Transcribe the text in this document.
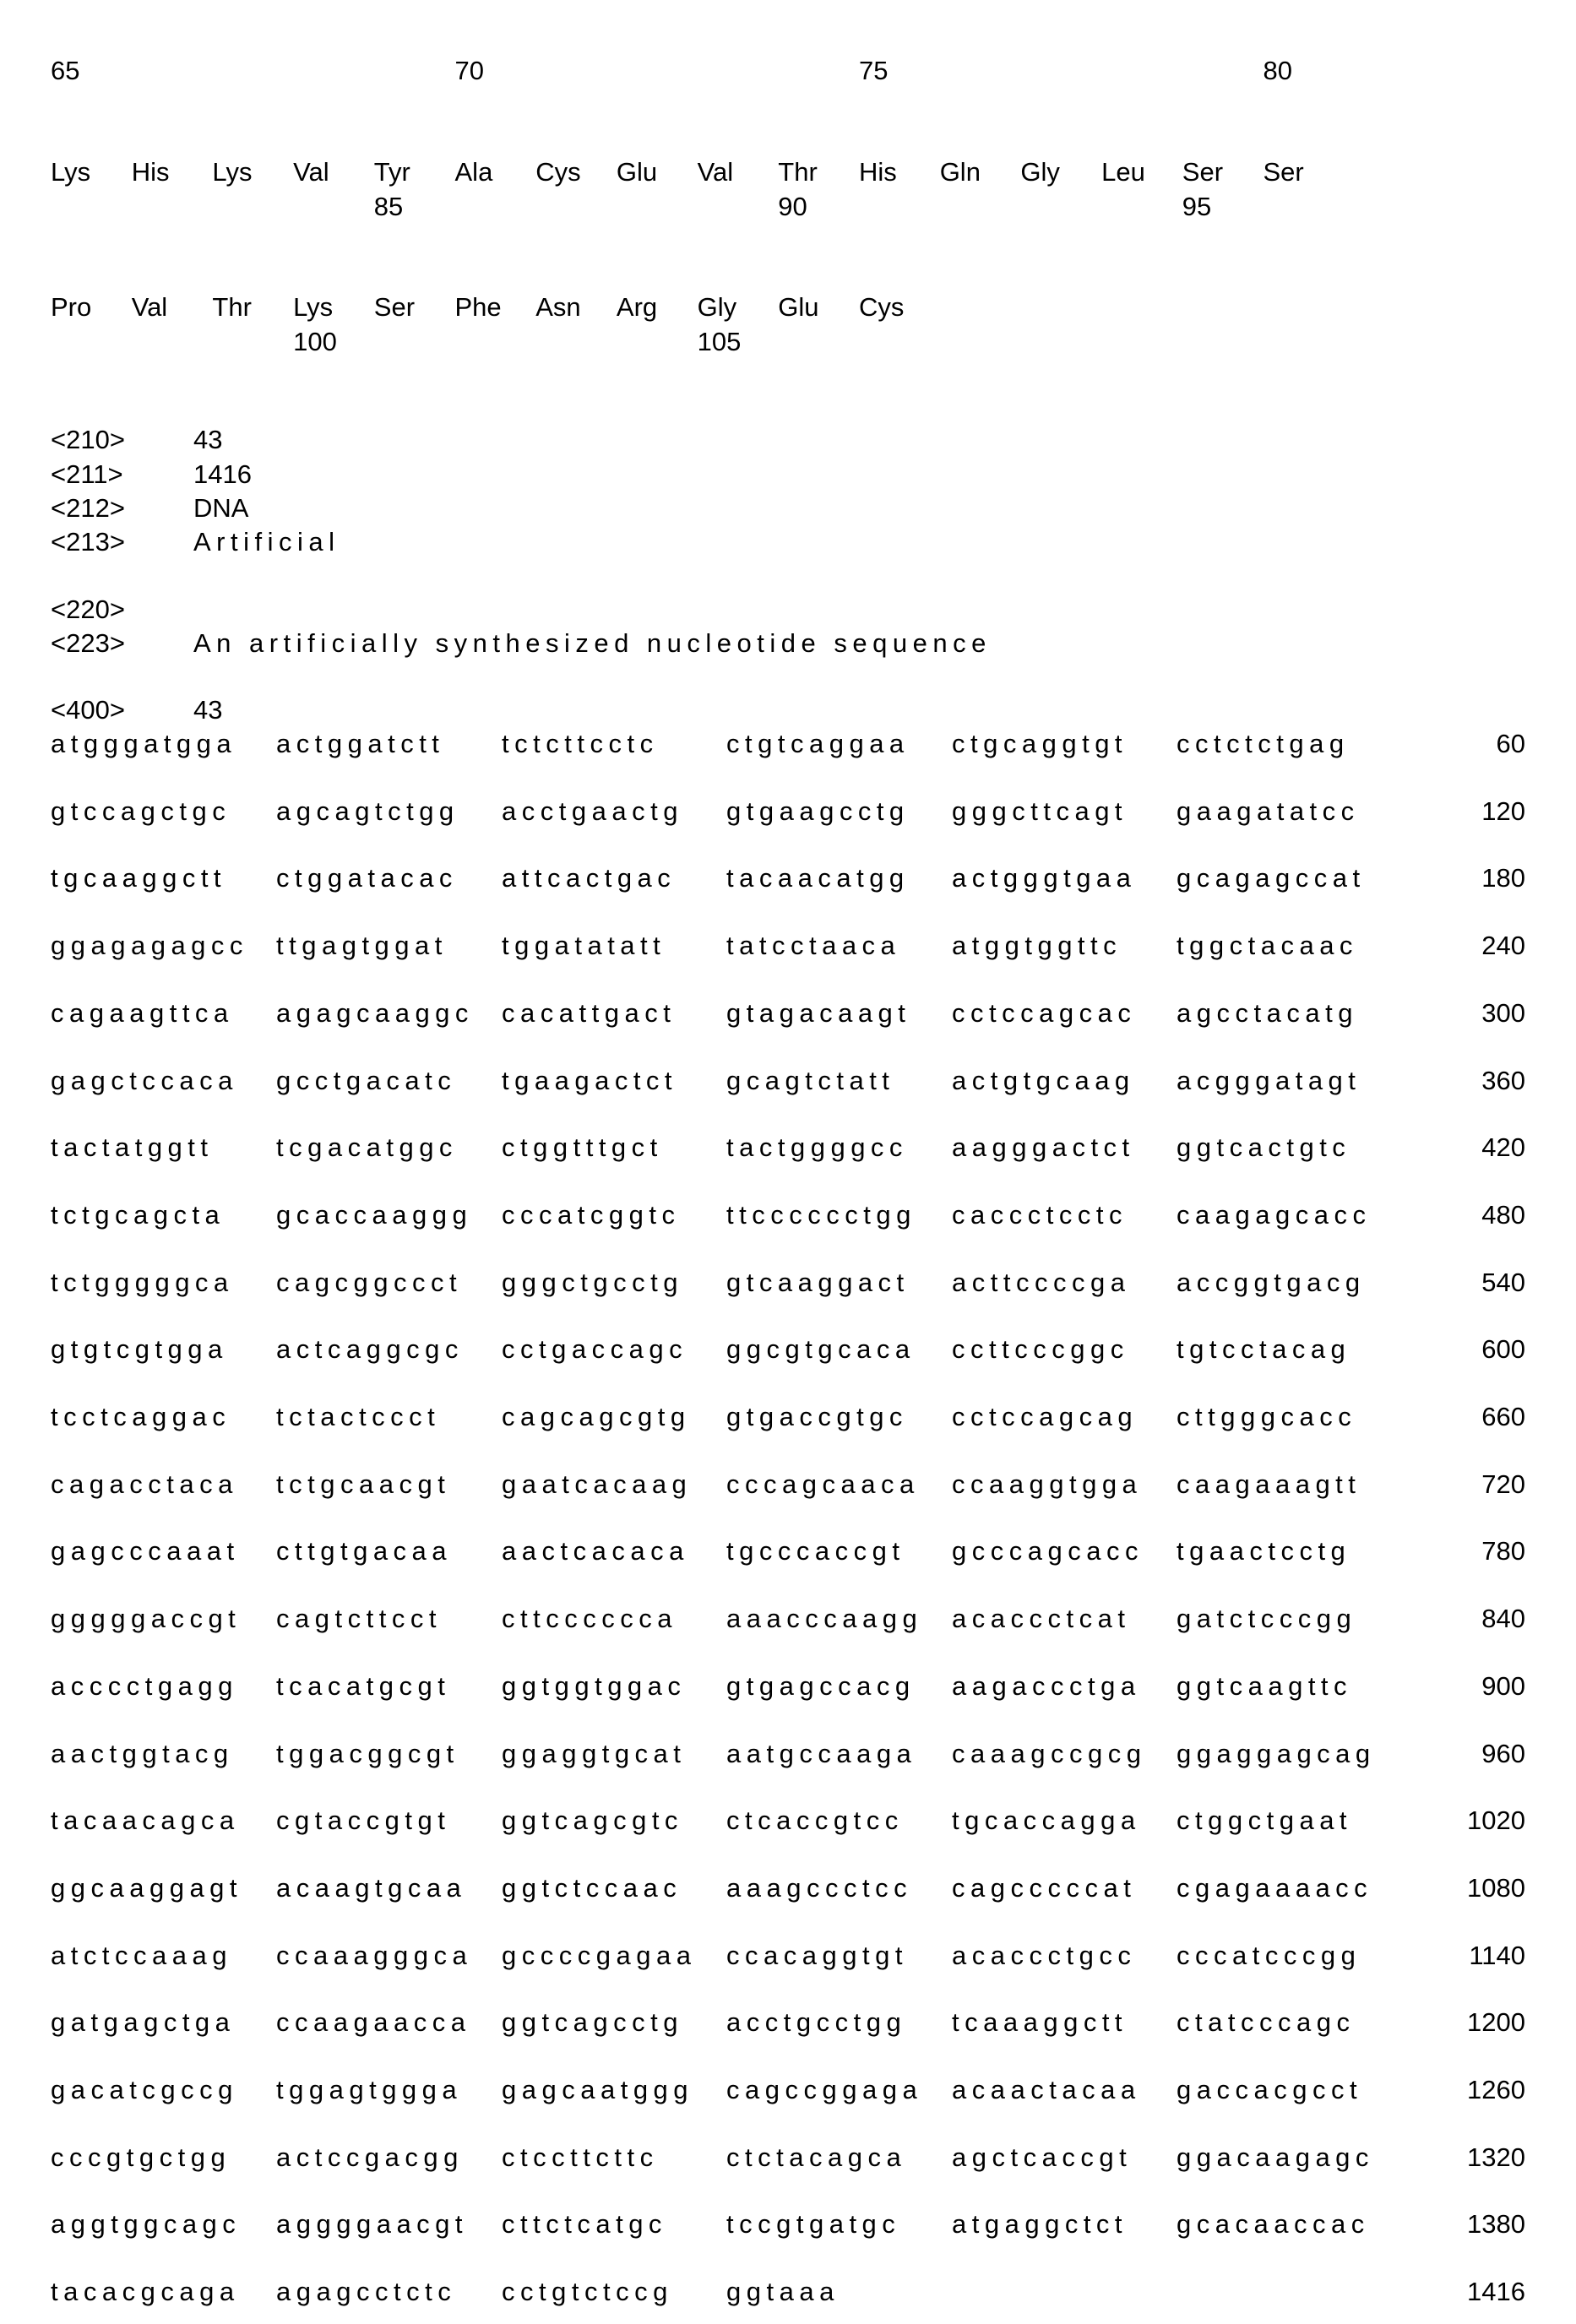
65	70	75	80
Lys His Lys Val Tyr Ala Cys Glu Val Thr His Gln Gly Leu Ser Ser
85	90	95
Pro Val Thr Lys Ser Phe Asn Arg Gly Glu Cys
100	105
<210>	43
<211>	1416
<212>	DNA
<213>	Artificial
<220>
<223>	An artificially synthesized nucleotide sequence
<400>	43
atgggatgga actggatctt tctcttcctc	ctgtcaggaa ctgcaggtgt cctctctgag	60
gtccagctgc agcagtctgg acctgaactg gtgaagcctg gggcttcagt gaagatatcc	120
tgcaaggctt ctggatacac attcactgac tacaacatgg actgggtgaa gcagagccat	180
ggagagagcc ttgagtggat tggatatatt tatcctaaca atggtggttc tggctacaac	240
cagaagttca agagcaaggc cacattgact gtagacaagt cctccagcac agcctacatg	300
gagctccaca gcctgacatc tgaagactct gcagtctatt actgtgcaag acgggatagt	360
tactatggtt tcgacatggc ctggtttgct tactggggcc aagggactct ggtcactgtc	420
tctgcagcta gcaccaaggg cccatcggtc ttcccccctgg caccctcctc caagagcacc	480
tctgggggca cagcggccct gggctgcctg gtcaaggact acttccccga accggtgacg	540
gtgtcgtgga actcaggcgc cctgaccagc ggcgtgcaca ccttcccggc tgtcctacag	600
tcctcaggac tctactccct cagcagcgtg gtgaccgtgc cctccagcag cttgggcacc	660
cagacctaca tctgcaacgt gaatcacaag cccagcaaca ccaaggtgga caagaaagtt	720
gagcccaaat cttgtgacaa aactcacaca tgcccaccgt gcccagcacc tgaactcctg	780
gggggaccgt cagtcttcct cttcccccca aaacccaagg acaccctcat gatctcccgg	840
acccctgagg tcacatgcgt ggtggtggac gtgagccacg aagaccctga ggtcaagttc	900
aactggtacg tggacggcgt ggaggtgcat aatgccaaga caaagccgcg ggaggagcag	960
tacaacagca cgtaccgtgt ggtcagcgtc ctcaccgtcc tgcaccagga ctggctgaat	1020
ggcaaggagt acaagtgcaa ggtctccaac aaagccctcc cagcccccat cgagaaaacc	1080
atctccaaag ccaaagggca gccccgagaa ccacaggtgt acaccctgcc cccatcccgg	1140
gatgagctga ccaagaacca ggtcagcctg acctgcctgg tcaaaggctt ctatcccagc	1200
gacatcgccg tggagtggga gagcaatggg cagccggaga acaactacaa gaccacgcct	1260
cccgtgctgg actccgacgg ctccttcttc	ctctacagca agctcaccgt ggacaagagc	1320
aggtggcagc aggggaacgt cttctcatgc tccgtgatgc atgaggctct gcacaaccac	1380
tacacgcaga agagcctctc cctgtctccg ggtaaa	1416
